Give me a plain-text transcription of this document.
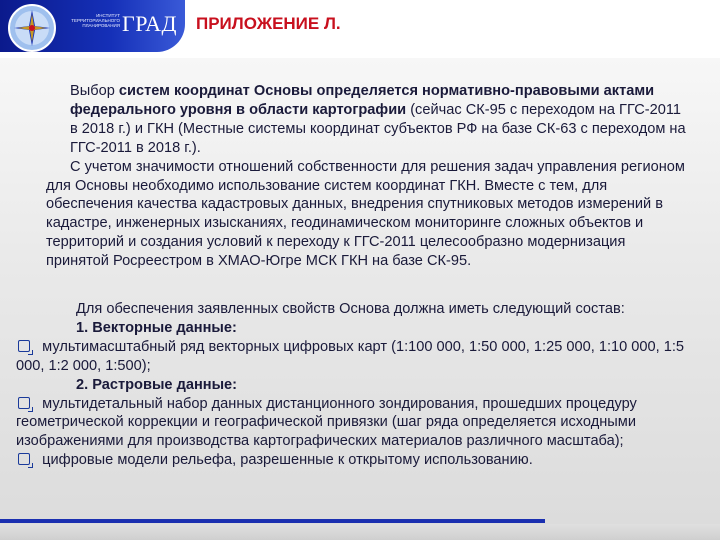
ИНСТИТУТ
ТЕРРИТОРИАЛЬНОГО
ПЛАНИРОВАНИЯ ГРАД ПРИЛОЖЕНИЕ Л.
Выбор систем координат Основы определяется нормативно-правовыми актами федерального уровня в области картографии (сейчас СК-95 с переходом на ГГС-2011 в 2018 г.) и ГКН (Местные системы координат субъектов РФ на базе СК-63 с переходом на ГГС-2011 в 2018 г.).
С учетом значимости отношений собственности для решения задач управления регионом для Основы необходимо использование систем координат ГКН. Вместе с тем, для обеспечения качества кадастровых данных, внедрения спутниковых методов измерений в кадастре, инженерных изысканиях, геодинамическом мониторинге сложных объектов и территорий и создания условий к переходу к ГГС-2011 целесообразно модернизация принятой Росреестром в ХМАО-Югре МСК ГКН на базе СК-95.
Для обеспечения заявленных свойств Основа должна иметь следующий состав:
1. Векторные данные:
мультимасштабный ряд векторных цифровых карт (1:100 000, 1:50 000, 1:25 000, 1:10 000, 1:5 000, 1:2 000, 1:500);
2. Растровые данные:
мультидетальный набор данных дистанционного зондирования, прошедших процедуру геометрической коррекции и географической привязки (шаг ряда определяется исходными изображениями для производства картографических материалов различного масштаба);
цифровые модели рельефа, разрешенные к открытому использованию.
